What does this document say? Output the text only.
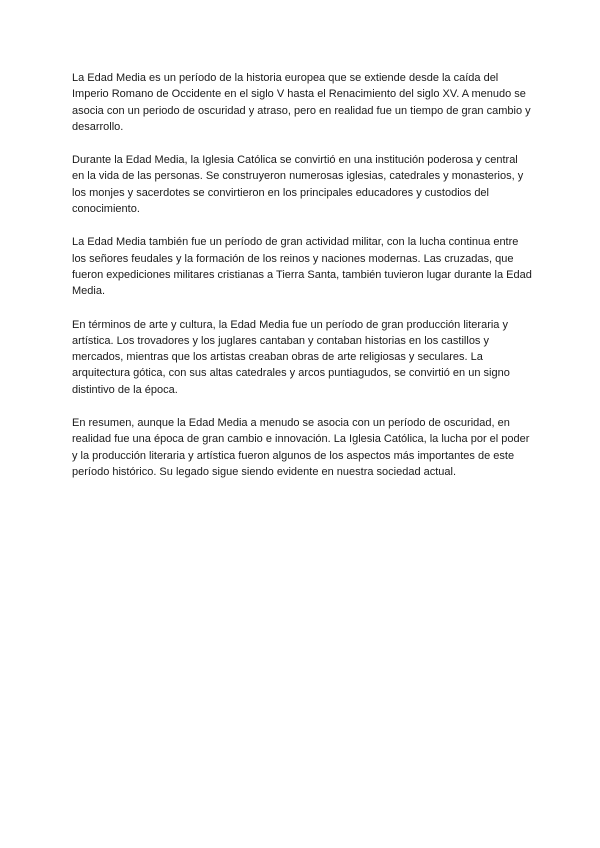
La Edad Media es un período de la historia europea que se extiende desde la caída del Imperio Romano de Occidente en el siglo V hasta el Renacimiento del siglo XV. A menudo se asocia con un periodo de oscuridad y atraso, pero en realidad fue un tiempo de gran cambio y desarrollo.

Durante la Edad Media, la Iglesia Católica se convirtió en una institución poderosa y central en la vida de las personas. Se construyeron numerosas iglesias, catedrales y monasterios, y los monjes y sacerdotes se convirtieron en los principales educadores y custodios del conocimiento.

La Edad Media también fue un período de gran actividad militar, con la lucha continua entre los señores feudales y la formación de los reinos y naciones modernas. Las cruzadas, que fueron expediciones militares cristianas a Tierra Santa, también tuvieron lugar durante la Edad Media.

En términos de arte y cultura, la Edad Media fue un período de gran producción literaria y artística. Los trovadores y los juglares cantaban y contaban historias en los castillos y mercados, mientras que los artistas creaban obras de arte religiosas y seculares. La arquitectura gótica, con sus altas catedrales y arcos puntiagudos, se convirtió en un signo distintivo de la época.

En resumen, aunque la Edad Media a menudo se asocia con un período de oscuridad, en realidad fue una época de gran cambio e innovación. La Iglesia Católica, la lucha por el poder y la producción literaria y artística fueron algunos de los aspectos más importantes de este período histórico. Su legado sigue siendo evidente en nuestra sociedad actual.
